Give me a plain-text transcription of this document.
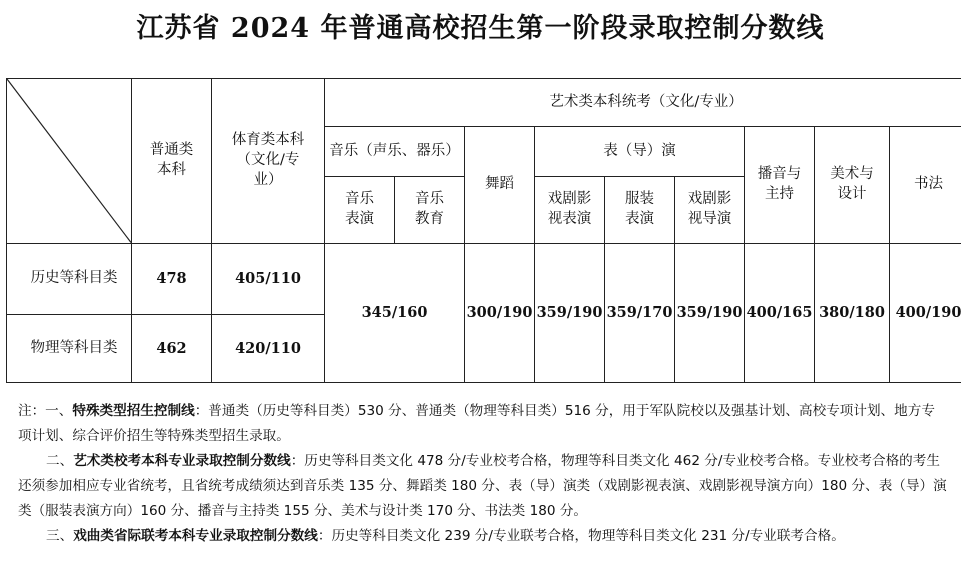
江苏省 2024 年普通高校招生第一阶段录取控制分数线

普通类本科	体育类本科（文化/专业）	艺术类本科统考（文化/专业）								
			音乐（声乐、器乐）		舞蹈	表（导）演			播音与主持	美术与设计	书法

			音乐表演	音乐教育		戏剧影视表演	服装表演	戏剧影视导演			

历史等科目类	478	405/110	345/160		300/190	359/190	359/170	359/190	400/165	380/180	400/190
物理等科目类	462	420/110									

注：一、特殊类型招生控制线：普通类（历史等科目类）530 分、普通类（物理等科目类）516 分，用于军队院校以及强基计划、高校专项计划、地方专项计划、综合评价招生等特殊类型招生录取。

二、艺术类校考本科专业录取控制分数线：历史等科目类文化 478 分/专业校考合格，物理等科目类文化 462 分/专业校考合格。专业校考合格的考生还须参加相应专业省统考，且省统考成绩须达到音乐类 135 分、舞蹈类 180 分、表（导）演类（戏剧影视表演、戏剧影视导演方向）180 分、表（导）演类（服装表演方向）160 分、播音与主持类 155 分、美术与设计类 170 分、书法类 180 分。

三、戏曲类省际联考本科专业录取控制分数线：历史等科目类文化 239 分/专业联考合格，物理等科目类文化 231 分/专业联考合格。
